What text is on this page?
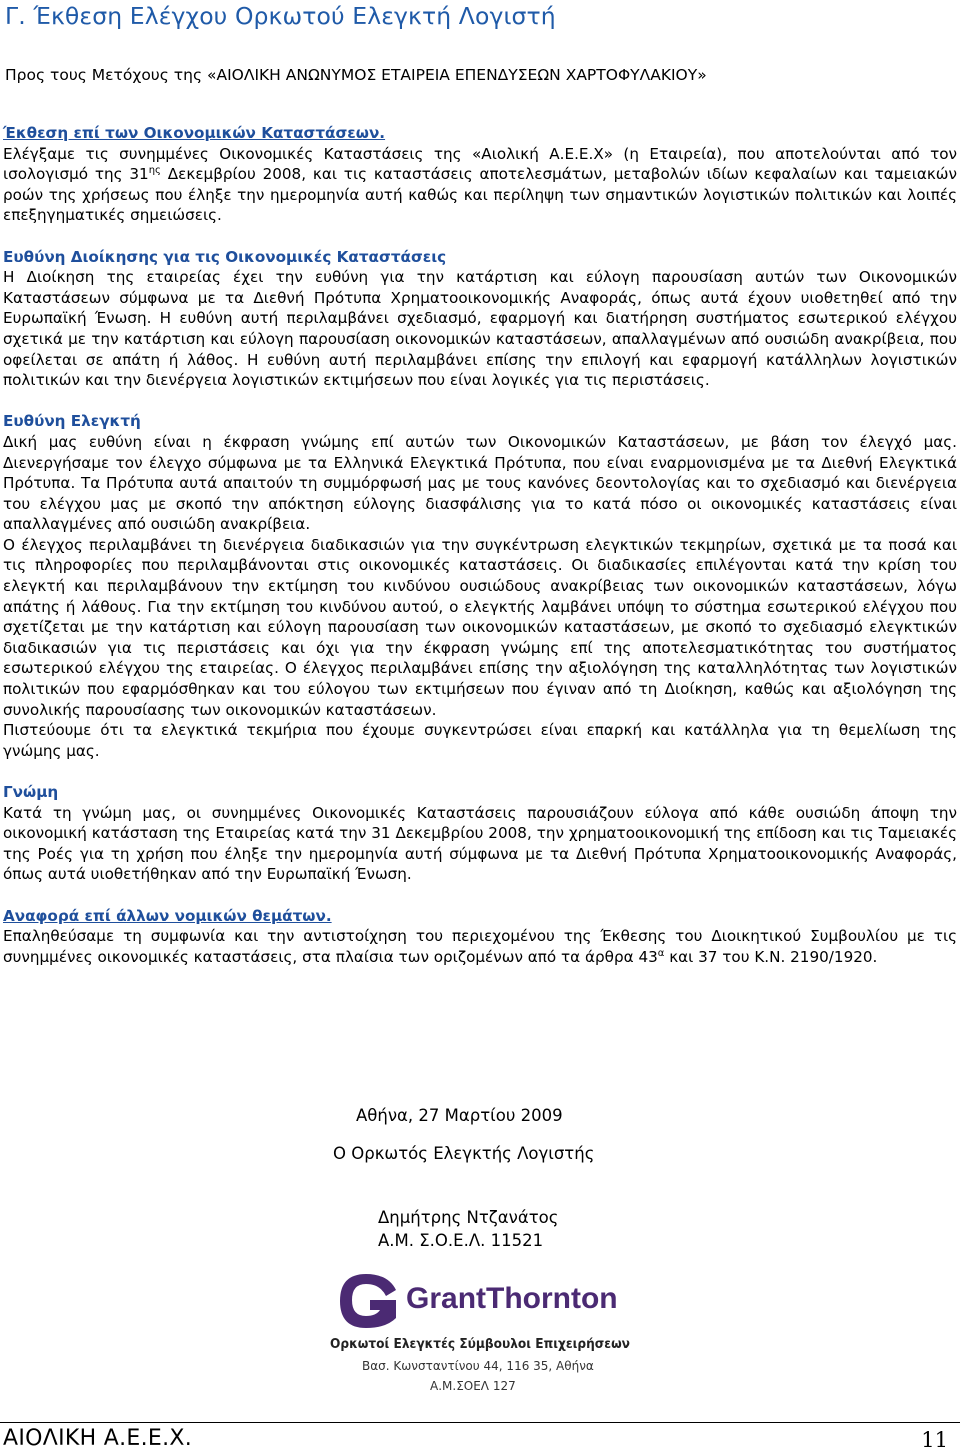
Γ. Έκθεση Ελέγχου Ορκωτού Ελεγκτή Λογιστή
Προς τους Μετόχους της «ΑΙΟΛΙΚΗ ΑΝΩΝΥΜΟΣ ΕΤΑΙΡΕΙΑ ΕΠΕΝΔΥΣΕΩΝ ΧΑΡΤΟΦΥΛΑΚΙΟΥ»

Έκθεση επί των Οικονομικών Καταστάσεων.

Ελέγξαμε τις συνημμένες Οικονομικές Καταστάσεις της «Αιολική Α.Ε.Ε.Χ» (η Εταιρεία), που αποτελούνται από τον ισολογισμό της $31^{\eta\varsigma}$ Δεκεμβρίου 2008, και τις καταστάσεις αποτελεσμάτων, μεταβολών ιδίων κεφαλαίων και ταμειακών ροών της χρήσεως που έληξε την ημερομηνία αυτή καθώς και περίληψη των σημαντικών λογιστικών πολιτικών και λοιπές επεξηγηματικές σημειώσεις.

Ευθύνη Διοίκησης για τις Οικονομικές Καταστάσεις

Η Διοίκηση της εταιρείας έχει την ευθύνη για την κατάρτιση και εύλογη παρουσίαση αυτών των Οικονομικών Καταστάσεων σύμφωνα με τα Διεθνή Πρότυπα Χρηματοοικονομικής Αναφοράς, όπως αυτά έχουν υιοθετηθεί από την Ευρωπαϊκή Ένωση. Η ευθύνη αυτή περιλαμβάνει σχεδιασμό, εφαρμογή και διατήρηση συστήματος εσωτερικού ελέγχου σχετικά με την κατάρτιση και εύλογη παρουσίαση οικονομικών καταστάσεων, απαλλαγμένων από ουσιώδη ανακρίβεια, που οφείλεται σε απάτη ή λάθος. Η ευθύνη αυτή περιλαμβάνει επίσης την επιλογή και εφαρμογή κατάλληλων λογιστικών πολιτικών και την διενέργεια λογιστικών εκτιμήσεων που είναι λογικές για τις περιστάσεις.

Ευθύνη Ελεγκτή

Δική μας ευθύνη είναι η έκφραση γνώμης επί αυτών των Οικονομικών Καταστάσεων, με βάση τον έλεγχό μας. Διενεργήσαμε τον έλεγχο σύμφωνα με τα Ελληνικά Ελεγκτικά Πρότυπα, που είναι εναρμονισμένα με τα Διεθνή Ελεγκτικά Πρότυπα. Τα Πρότυπα αυτά απαιτούν τη συμμόρφωσή μας με τους κανόνες δεοντολογίας και το σχεδιασμό και διενέργεια του ελέγχου μας με σκοπό την απόκτηση εύλογης διασφάλισης για το κατά πόσο οι οικονομικές καταστάσεις είναι απαλλαγμένες από ουσιώδη ανακρίβεια.

Ο έλεγχος περιλαμβάνει τη διενέργεια διαδικασιών για την συγκέντρωση ελεγκτικών τεκμηρίων, σχετικά με τα ποσά και τις πληροφορίες που περιλαμβάνονται στις οικονομικές καταστάσεις. Οι διαδικασίες επιλέγονται κατά την κρίση του ελεγκτή και περιλαμβάνουν την εκτίμηση του κινδύνου ουσιώδους ανακρίβειας των οικονομικών καταστάσεων, λόγω απάτης ή λάθους. Για την εκτίμηση του κινδύνου αυτού, ο ελεγκτής λαμβάνει υπόψη το σύστημα εσωτερικού ελέγχου που σχετίζεται με την κατάρτιση και εύλογη παρουσίαση των οικονομικών καταστάσεων, με σκοπό το σχεδιασμό ελεγκτικών διαδικασιών για τις περιστάσεις και όχι για την έκφραση γνώμης επί της αποτελεσματικότητας του συστήματος εσωτερικού ελέγχου της εταιρείας. Ο έλεγχος περιλαμβάνει επίσης την αξιολόγηση της καταλληλότητας των λογιστικών πολιτικών που εφαρμόσθηκαν και του εύλογου των εκτιμήσεων που έγιναν από τη Διοίκηση, καθώς και αξιολόγηση της συνολικής παρουσίασης των οικονομικών καταστάσεων.

Πιστεύουμε ότι τα ελεγκτικά τεκμήρια που έχουμε συγκεντρώσει είναι επαρκή και κατάλληλα για τη θεμελίωση της γνώμης μας.

Γνώμη

Κατά τη γνώμη μας, οι συνημμένες Οικονομικές Καταστάσεις παρουσιάζουν εύλογα από κάθε ουσιώδη άποψη την οικονομική κατάσταση της Εταιρείας κατά την 31 Δεκεμβρίου 2008, την χρηματοοικονομική της επίδοση και τις Ταμειακές της Ροές για τη χρήση που έληξε την ημερομηνία αυτή σύμφωνα με τα Διεθνή Πρότυπα Χρηματοοικονομικής Αναφοράς, όπως αυτά υιοθετήθηκαν από την Ευρωπαϊκή Ένωση.

Αναφορά επί άλλων νομικών θεμάτων.

Επαληθεύσαμε τη συμφωνία και την αντιστοίχηση του περιεχομένου της Έκθεσης του Διοικητικού Συμβουλίου με τις συνημμένες οικονομικές καταστάσεις, στα πλαίσια των οριζομένων από τα άρθρα $43^\alpha$ και 37 του Κ.Ν. 2190/1920.

Αθήνα, 27 Μαρτίου 2009
Ο Ορκωτός Ελεγκτής Λογιστής
Δημήτρης Ντζανάτος
Α.Μ. Σ.Ο.Ε.Λ. 11521
GrantThornton
Ορκωτοί Ελεγκτές Σύμβουλοι Επιχειρήσεων
Βασ. Κωνσταντίνου 44, 116 35, Αθήνα
Α.Μ.ΣΟΕΛ 127
ΑΙΟΛΙΚΗ Α.Ε.Ε.Χ.	11
